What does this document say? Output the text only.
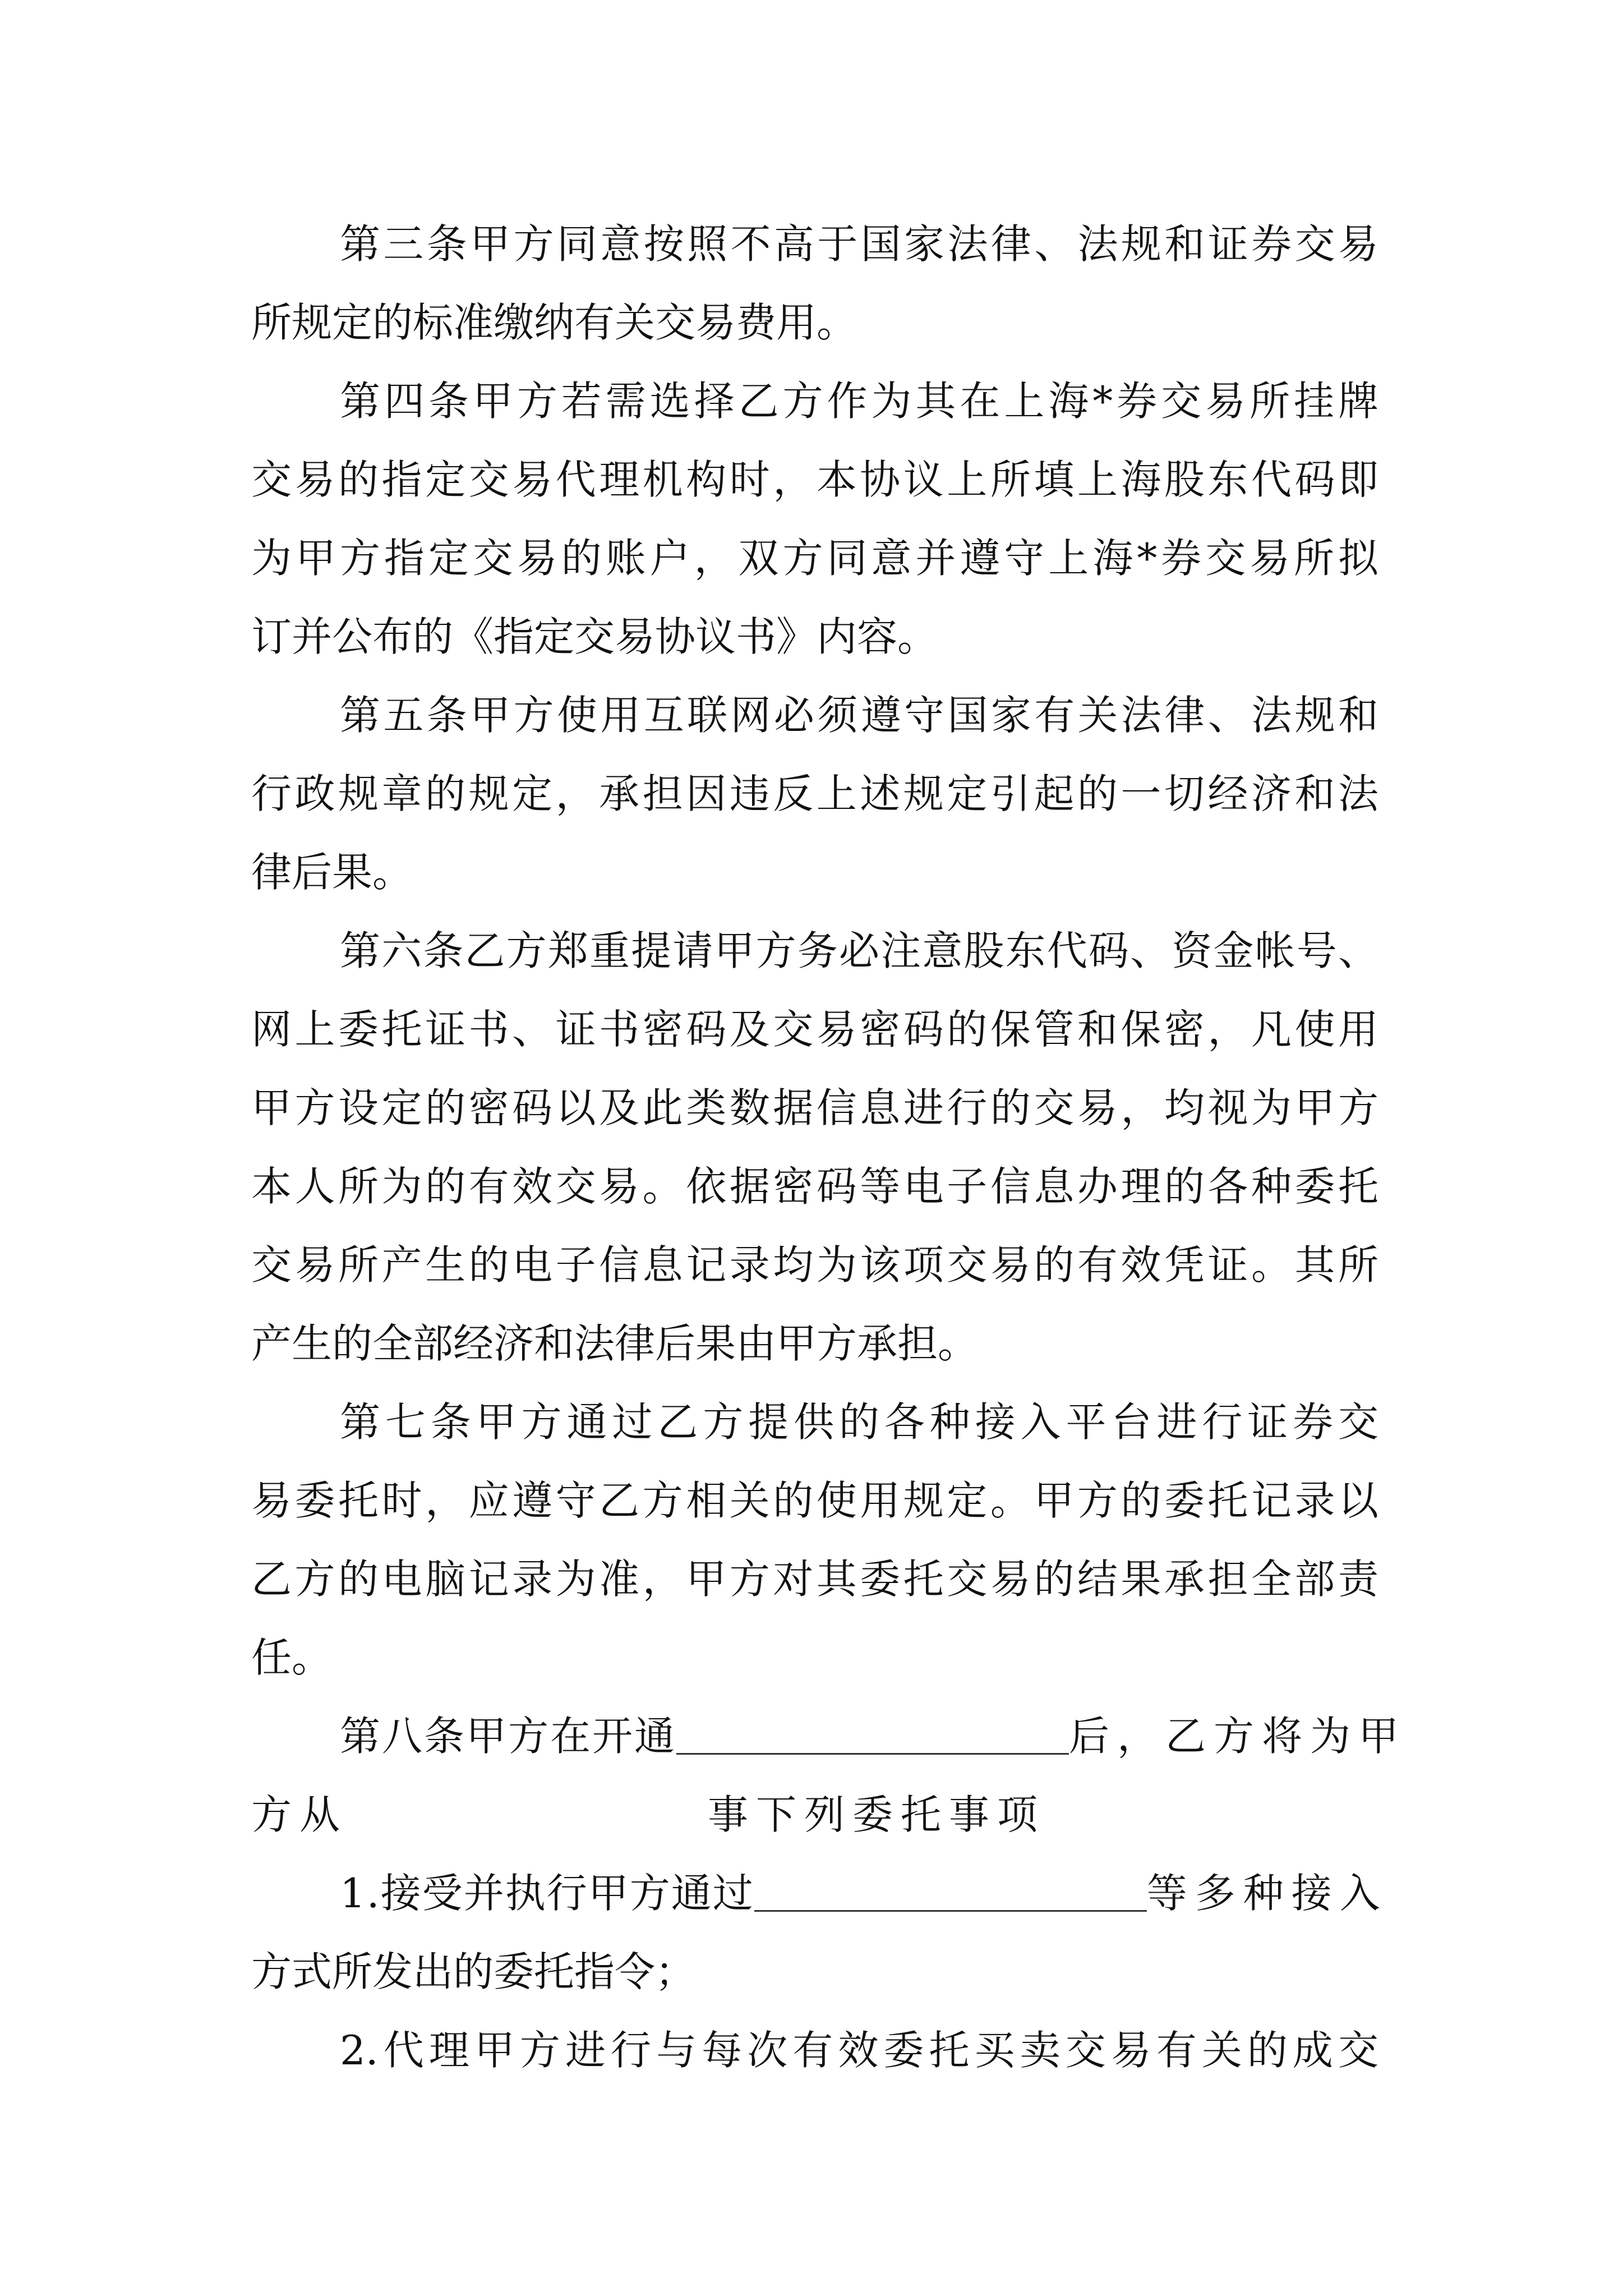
第三条甲方同意按照不高于国家法律、法规和证券交易
所规定的标准缴纳有关交易费用。
第四条甲方若需选择乙方作为其在上海*券交易所挂牌
交易的指定交易代理机构时，本协议上所填上海股东代码即
为甲方指定交易的账户，双方同意并遵守上海*券交易所拟
订并公布的《指定交易协议书》内容。
第五条甲方使用互联网必须遵守国家有关法律、法规和
行政规章的规定，承担因违反上述规定引起的一切经济和法
律后果。
第六条乙方郑重提请甲方务必注意股东代码、资金帐号、
网上委托证书、证书密码及交易密码的保管和保密，凡使用
甲方设定的密码以及此类数据信息进行的交易，均视为甲方
本人所为的有效交易。依据密码等电子信息办理的各种委托
交易所产生的电子信息记录均为该项交易的有效凭证。其所
产生的全部经济和法律后果由甲方承担。
第七条甲方通过乙方提供的各种接入平台进行证券交
易委托时，应遵守乙方相关的使用规定。甲方的委托记录以
乙方的电脑记录为准，甲方对其委托交易的结果承担全部责
任。
第八条甲方在开通	后，乙方将为甲
方从	事下列委托事项
1.接受并执行甲方通过	等多种接入
方式所发出的委托指令；
2.代理甲方进行与每次有效委托买卖交易有关的成交
